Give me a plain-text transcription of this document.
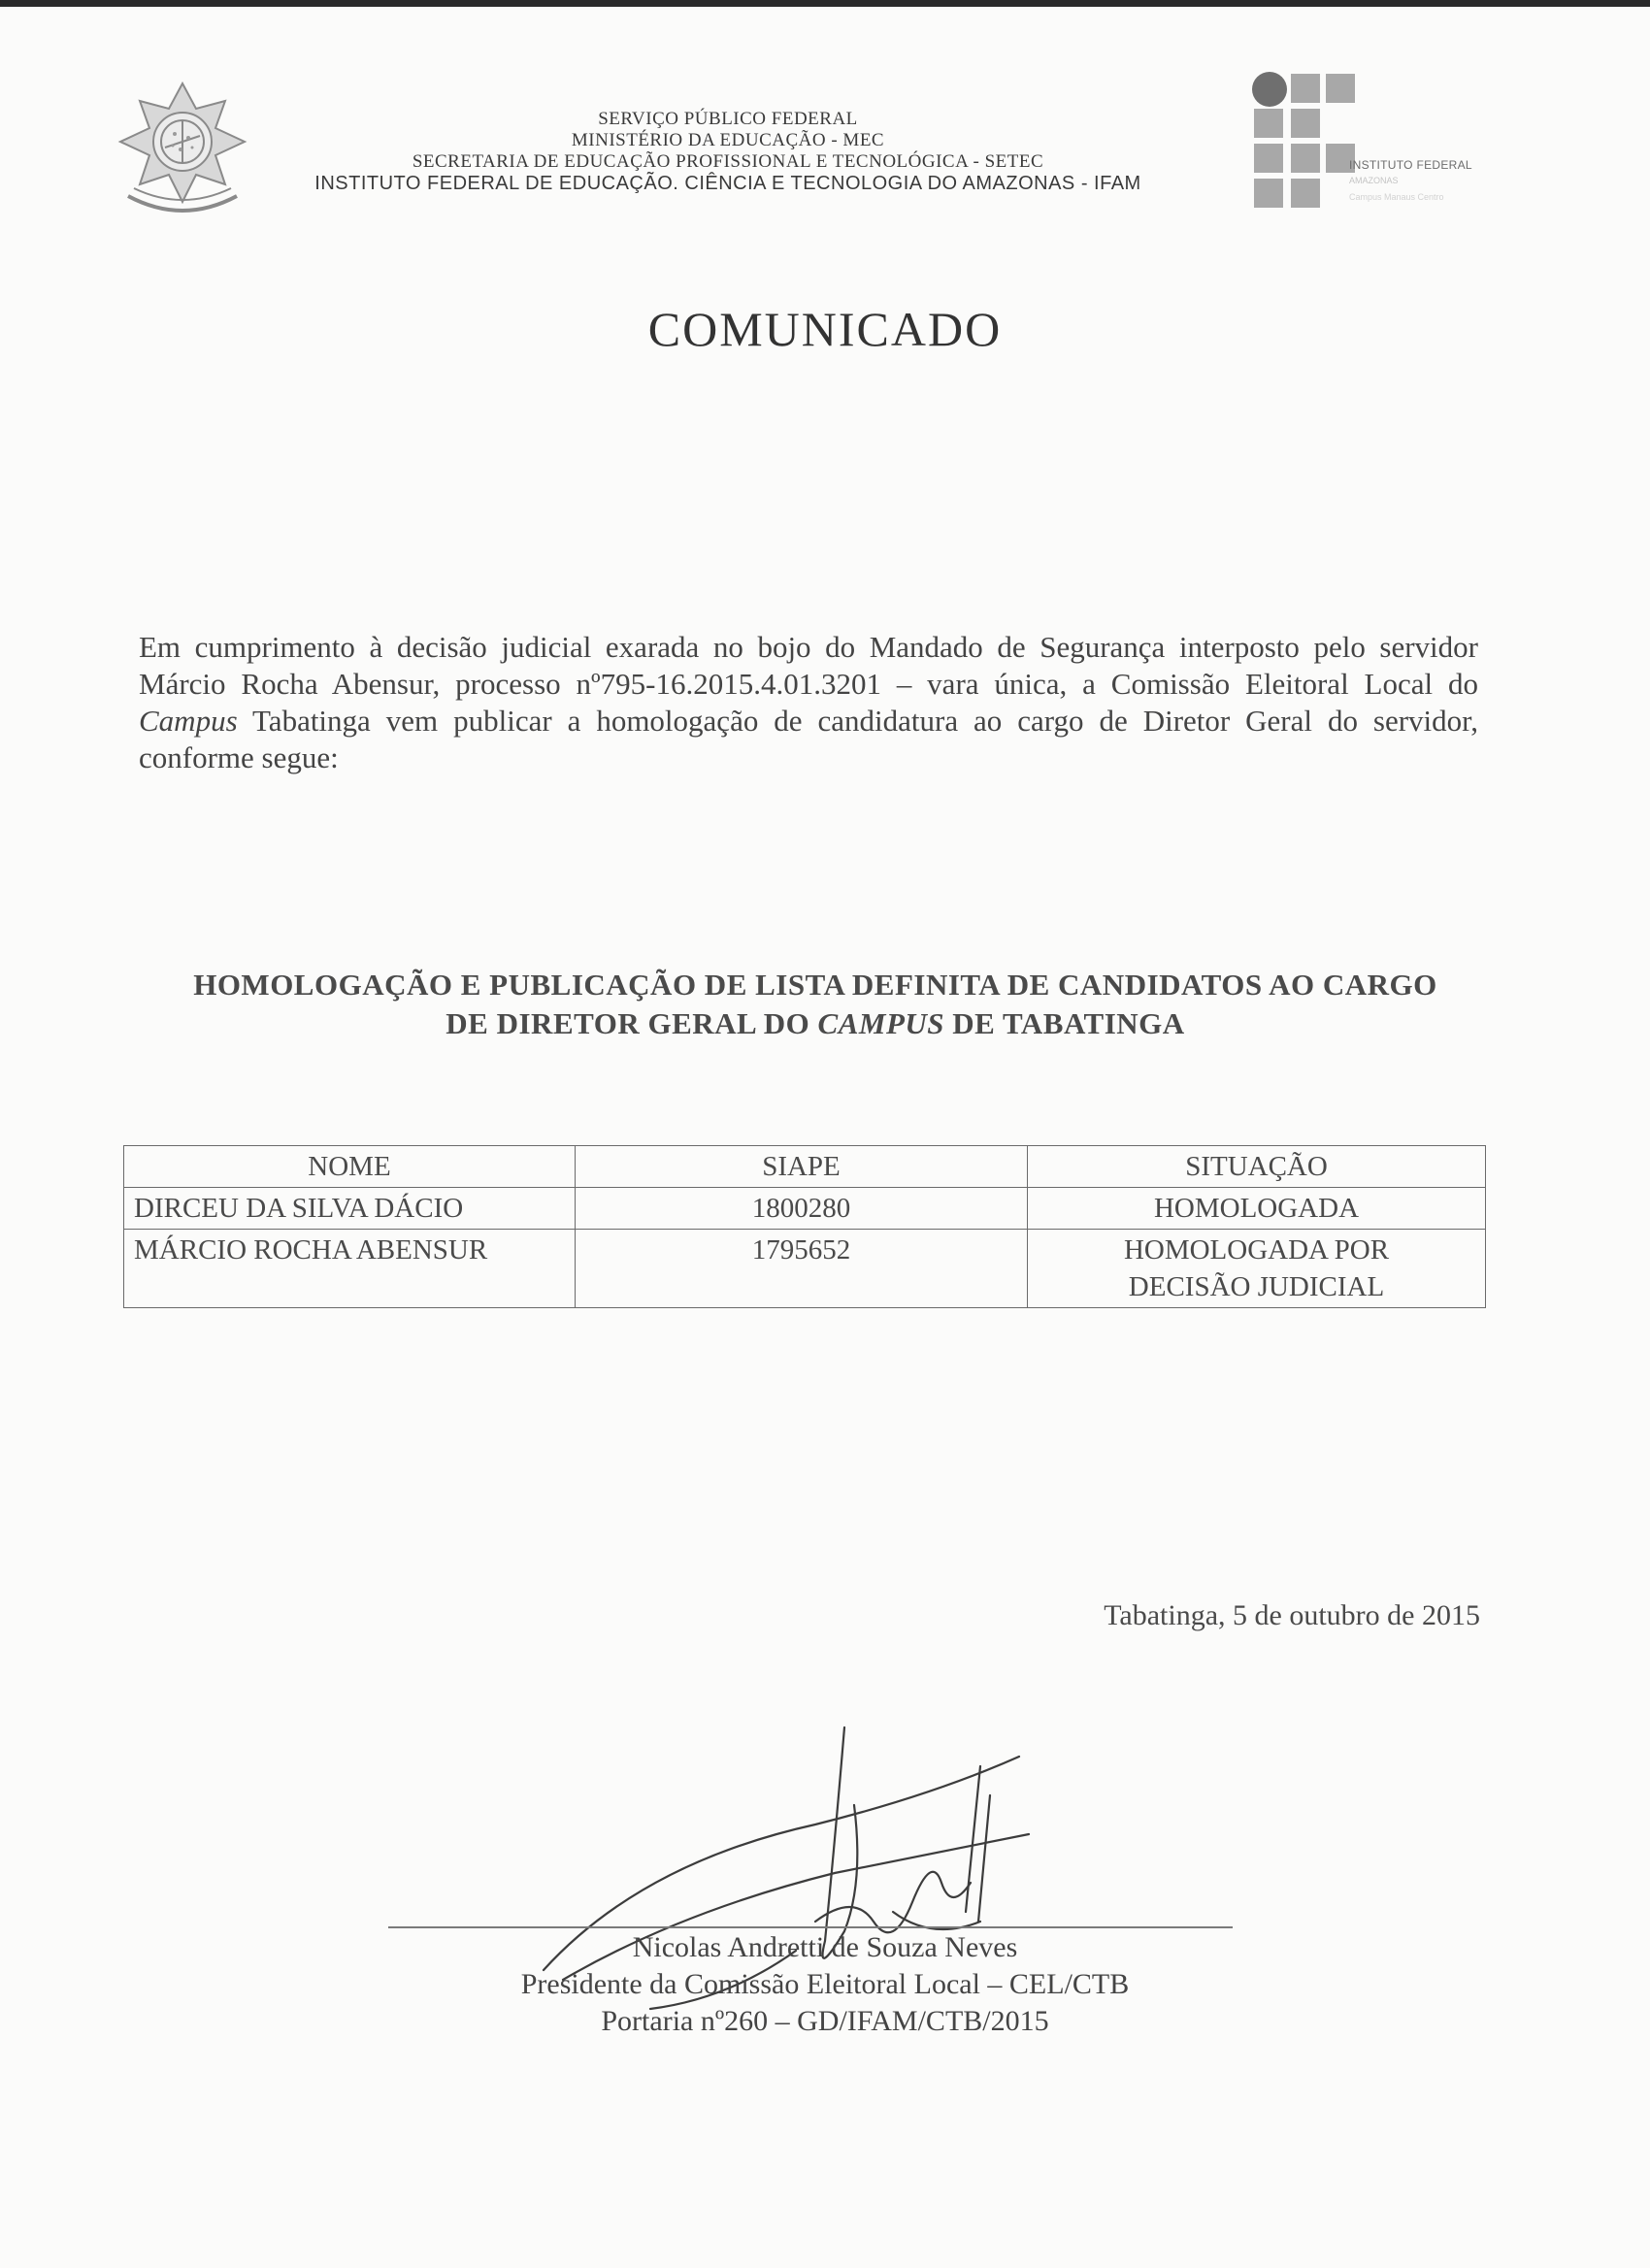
SERVIÇO PÚBLICO FEDERAL
MINISTÉRIO DA EDUCAÇÃO - MEC
SECRETARIA DE EDUCAÇÃO PROFISSIONAL E TECNOLÓGICA - SETEC
INSTITUTO FEDERAL DE EDUCAÇÃO. CIÊNCIA E TECNOLOGIA DO AMAZONAS - IFAM
INSTITUTO FEDERAL
AMAZONAS
Campus Manaus Centro
COMUNICADO
Em cumprimento à decisão judicial exarada no bojo do Mandado de Segurança interposto pelo servidor Márcio Rocha Abensur, processo nº795-16.2015.4.01.3201 – vara única, a Comissão Eleitoral Local do Campus Tabatinga vem publicar a homologação de candidatura ao cargo de Diretor Geral do servidor, conforme segue:
HOMOLOGAÇÃO E PUBLICAÇÃO DE LISTA DEFINITA DE CANDIDATOS AO CARGO
DE DIRETOR GERAL DO CAMPUS DE TABATINGA
NOME	SIAPE	SITUAÇÃO
DIRCEU DA SILVA DÁCIO	1800280	HOMOLOGADA
MÁRCIO ROCHA ABENSUR	1795652	HOMOLOGADA POR
DECISÃO JUDICIAL
Tabatinga, 5 de outubro de 2015
Nicolas Andretti de Souza Neves
Presidente da Comissão Eleitoral Local – CEL/CTB
Portaria nº260 – GD/IFAM/CTB/2015
